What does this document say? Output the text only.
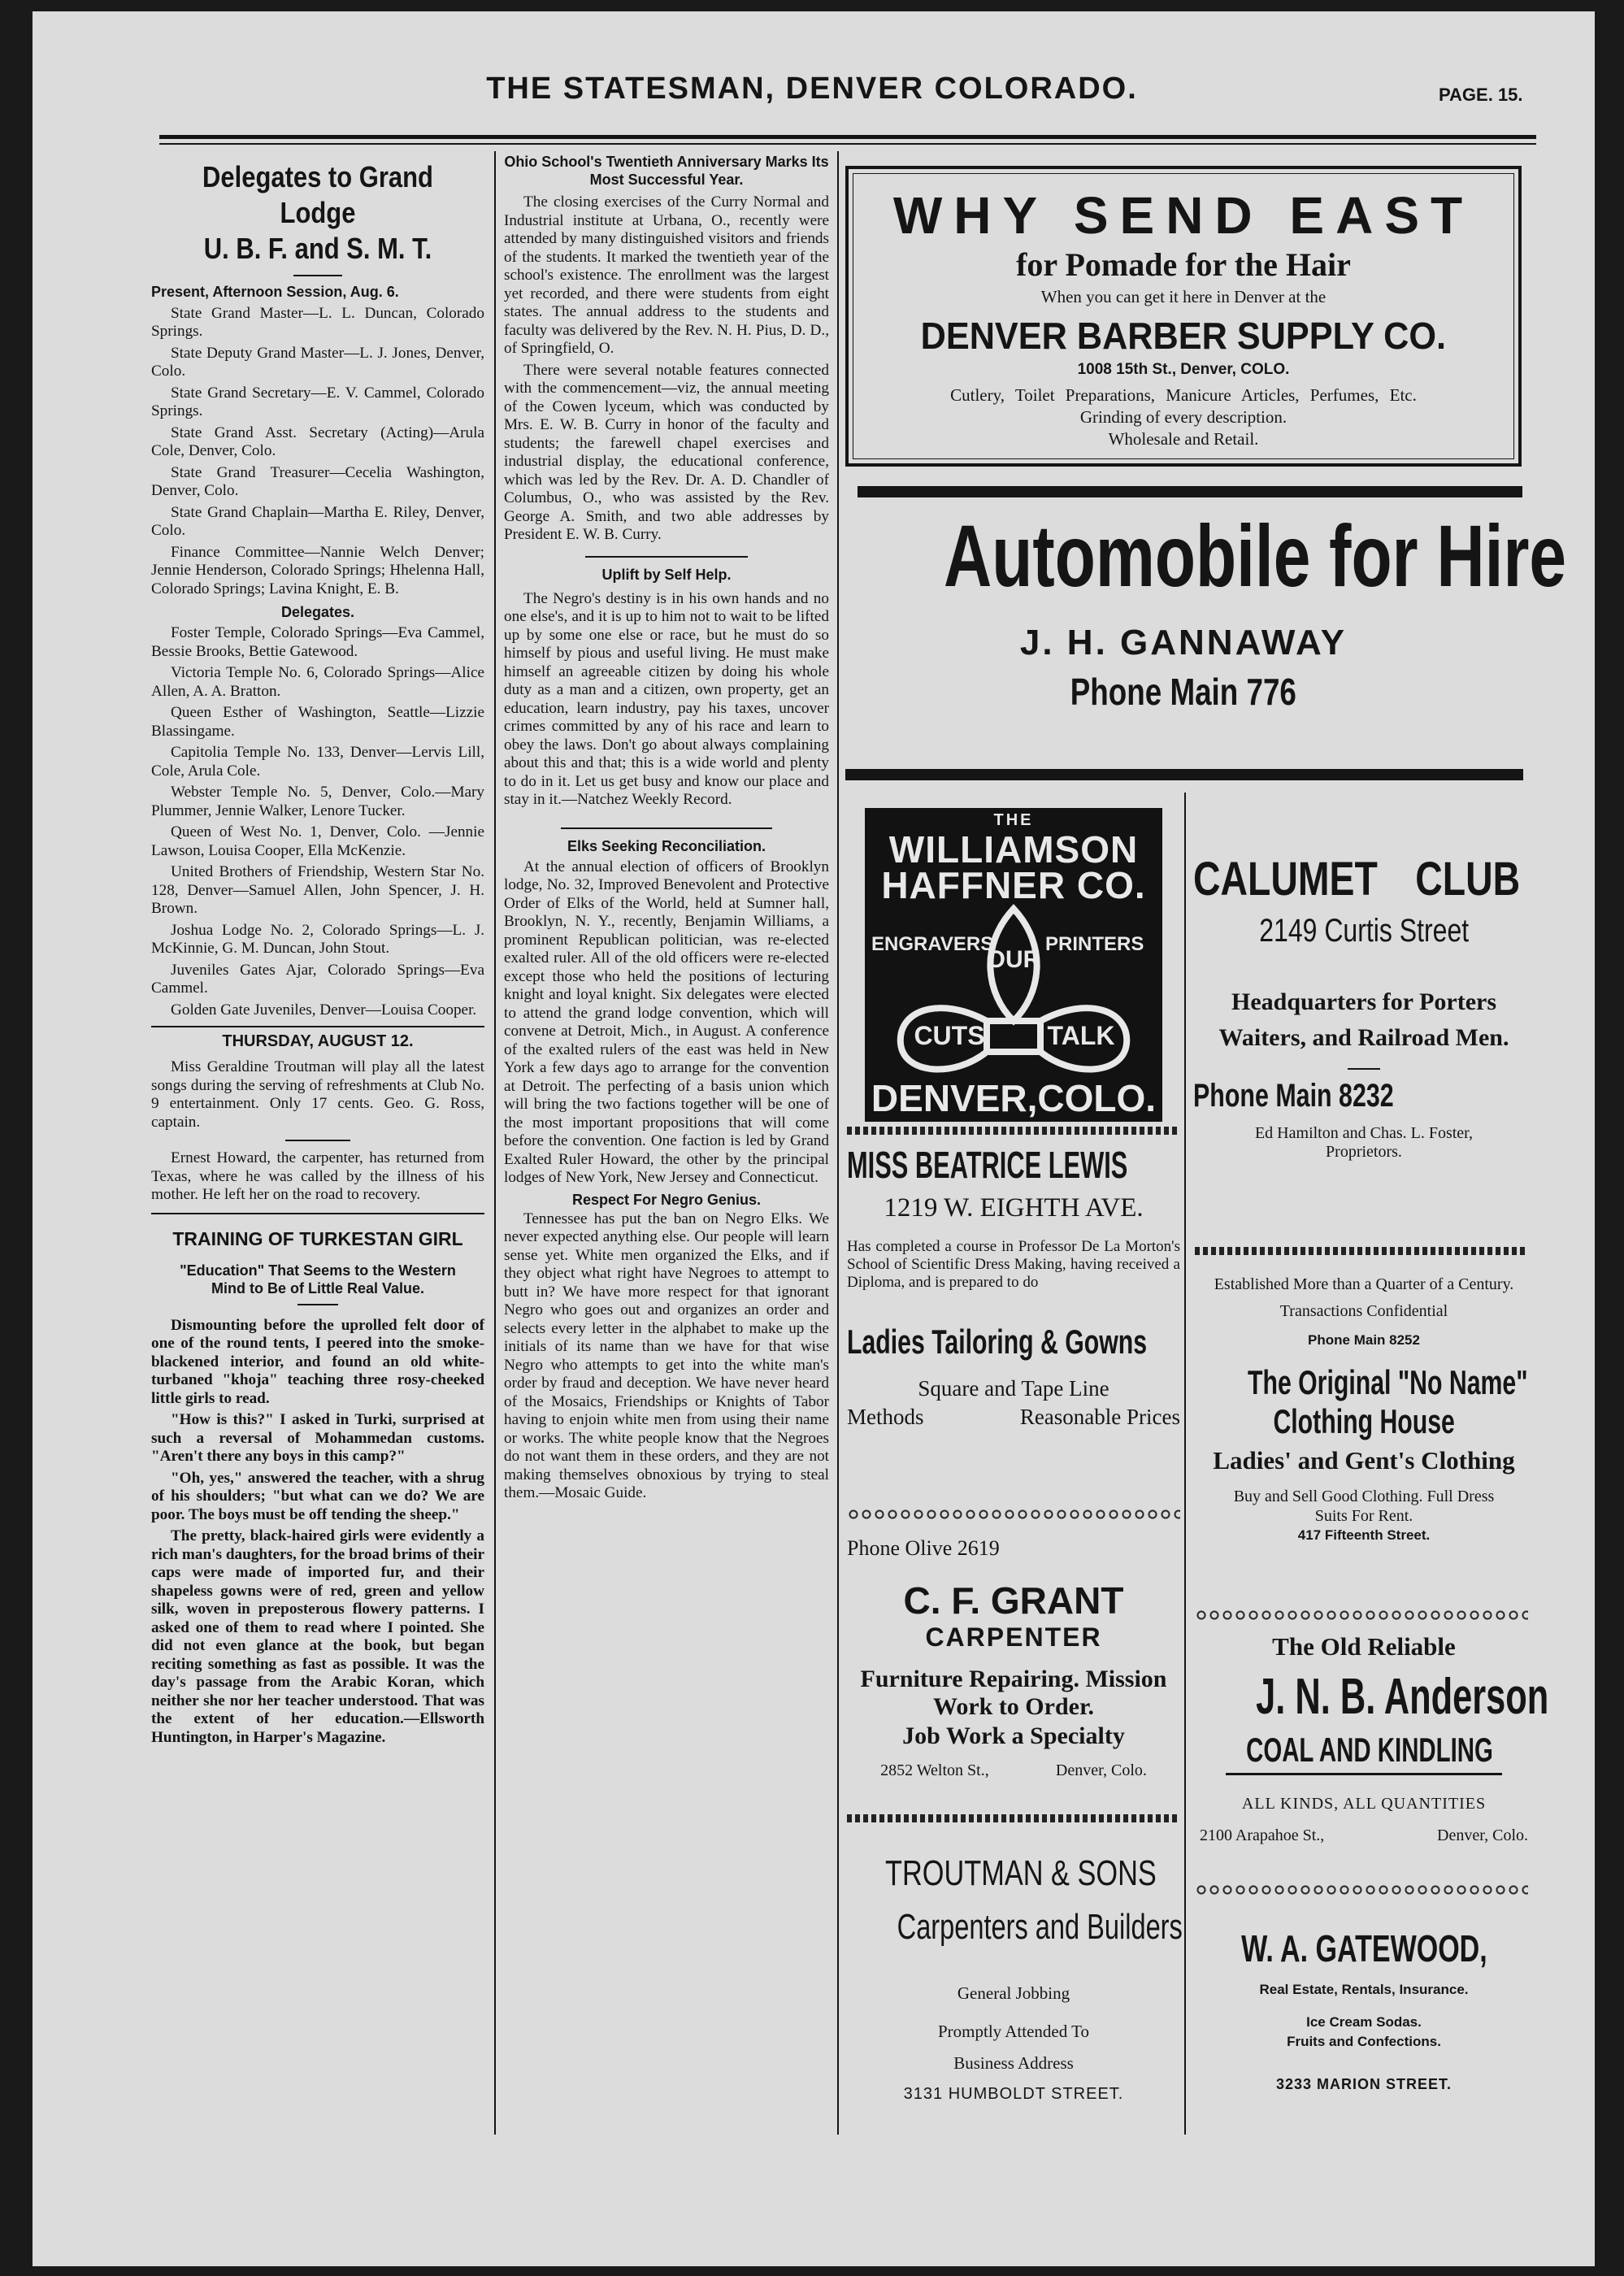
THE STATESMAN, DENVER COLORADO.	PAGE. 15.
Delegates to Grand Lodge
U. B. F. and S. M. T.

Present, Afternoon Session, Aug. 6.

State Grand Master—L. L. Duncan, Colorado Springs.

State Deputy Grand Master—L. J. Jones, Denver, Colo.

State Grand Secretary—E. V. Cammel, Colorado Springs.

State Grand Asst. Secretary (Acting)—Arula Cole, Denver, Colo.

State Grand Treasurer—Cecelia Washington, Denver, Colo.

State Grand Chaplain—Martha E. Riley, Denver, Colo.

Finance Committee—Nannie Welch Denver; Jennie Henderson, Colorado Springs; Hhelenna Hall, Colorado Springs; Lavina Knight, E. B.

Delegates.

Foster Temple, Colorado Springs—Eva Cammel, Bessie Brooks, Bettie Gatewood.

Victoria Temple No. 6, Colorado Springs—Alice Allen, A. A. Bratton.

Queen Esther of Washington, Seattle—Lizzie Blassingame.

Capitolia Temple No. 133, Denver—Lervis Lill, Cole, Arula Cole.

Webster Temple No. 5, Denver, Colo.—Mary Plummer, Jennie Walker, Lenore Tucker.

Queen of West No. 1, Denver, Colo. —Jennie Lawson, Louisa Cooper, Ella McKenzie.

United Brothers of Friendship, Western Star No. 128, Denver—Samuel Allen, John Spencer, J. H. Brown.

Joshua Lodge No. 2, Colorado Springs—L. J. McKinnie, G. M. Duncan, John Stout.

Juveniles Gates Ajar, Colorado Springs—Eva Cammel.

Golden Gate Juveniles, Denver—Louisa Cooper.

THURSDAY, AUGUST 12.

Miss Geraldine Troutman will play all the latest songs during the serving of refreshments at Club No. 9 entertainment. Only 17 cents. Geo. G. Ross, captain.

Ernest Howard, the carpenter, has returned from Texas, where he was called by the illness of his mother. He left her on the road to recovery.

TRAINING OF TURKESTAN GIRL
"Education" That Seems to the Western Mind to Be of Little Real Value.

Dismounting before the uprolled felt door of one of the round tents, I peered into the smoke-blackened interior, and found an old white-turbaned "khoja" teaching three rosy-cheeked little girls to read.

"How is this?" I asked in Turki, surprised at such a reversal of Mohammedan customs. "Aren't there any boys in this camp?"

"Oh, yes," answered the teacher, with a shrug of his shoulders; "but what can we do? We are poor. The boys must be off tending the sheep."

The pretty, black-haired girls were evidently a rich man's daughters, for the broad brims of their caps were made of imported fur, and their shapeless gowns were of red, green and yellow silk, woven in preposterous flowery patterns. I asked one of them to read where I pointed. She did not even glance at the book, but began reciting something as fast as possible. It was the day's passage from the Arabic Koran, which neither she nor her teacher understood. That was the extent of her education.—Ellsworth Huntington, in Harper's Magazine.

Ohio School's Twentieth Anniversary Marks Its Most Successful Year.

The closing exercises of the Curry Normal and Industrial institute at Urbana, O., recently were attended by many distinguished visitors and friends of the students. It marked the twentieth year of the school's existence. The enrollment was the largest yet recorded, and there were students from eight states. The annual address to the students and faculty was delivered by the Rev. N. H. Pius, D. D., of Springfield, O.

There were several notable features connected with the commencement—viz, the annual meeting of the Cowen lyceum, which was conducted by Mrs. E. W. B. Curry in honor of the faculty and students; the farewell chapel exercises and industrial display, the educational conference, which was led by the Rev. Dr. A. D. Chandler of Columbus, O., who was assisted by the Rev. George A. Smith, and two able addresses by President E. W. B. Curry.

Uplift by Self Help.

The Negro's destiny is in his own hands and no one else's, and it is up to him not to wait to be lifted up by some one else or race, but he must do so himself by pious and useful living. He must make himself an agreeable citizen by doing his whole duty as a man and a citizen, own property, get an education, learn industry, pay his taxes, uncover crimes committed by any of his race and learn to obey the laws. Don't go about always complaining about this and that; this is a wide world and plenty to do in it. Let us get busy and know our place and stay in it.—Natchez Weekly Record.

Elks Seeking Reconciliation.

At the annual election of officers of Brooklyn lodge, No. 32, Improved Benevolent and Protective Order of Elks of the World, held at Sumner hall, Brooklyn, N. Y., recently, Benjamin Williams, a prominent Republican politician, was re-elected exalted ruler. All of the old officers were re-elected except those who held the positions of lecturing knight and loyal knight. Six delegates were elected to attend the grand lodge convention, which will convene at Detroit, Mich., in August. A conference of the exalted rulers of the east was held in New York a few days ago to arrange for the convention at Detroit. The perfecting of a basis union which will bring the two factions together will be one of the most important propositions that will come before the convention. One faction is led by Grand Exalted Ruler Howard, the other by the principal lodges of New York, New Jersey and Connecticut.

Respect For Negro Genius.

Tennessee has put the ban on Negro Elks. We never expected anything else. Our people will learn sense yet. White men organized the Elks, and if they object what right have Negroes to attempt to butt in? We have more respect for that ignorant Negro who goes out and organizes an order and selects every letter in the alphabet to make up the initials of its name than we have for that wise Negro who attempts to get into the white man's order by fraud and deception. We have never heard of the Mosaics, Friendships or Knights of Tabor having to enjoin white men from using their name or works. The white people know that the Negroes do not want them in these orders, and they are not making themselves obnoxious by trying to steal them.—Mosaic Guide.

WHY SEND EAST
for Pomade for the Hair
When you can get it here in Denver at the
DENVER BARBER SUPPLY CO.
1008 15th St., Denver, COLO.
Cutlery, Toilet Preparations, Manicure Articles, Perfumes, Etc.
Grinding of every description.
Wholesale and Retail.
Automobile for Hire
J. H. GANNAWAY
Phone Main 776
THE
WILLIAMSON
HAFFNER CO.
ENGRAVERS	PRINTERS
OUR
CUTS TALK
DENVER,COLO.
MISS BEATRICE LEWIS
1219 W. EIGHTH AVE.
Has completed a course in Professor De La Morton's School of Scientific Dress Making, having received a Diploma, and is prepared to do
Ladies Tailoring & Gowns
Square and Tape Line
Methods	Reasonable Prices
Phone Olive 2619
C. F. GRANT
CARPENTER
Furniture Repairing. Mission Work to Order.
Job Work a Specialty
2852 Welton St.,	Denver, Colo.
TROUTMAN & SONS
Carpenters and Builders
General Jobbing
Promptly Attended To
Business Address
3131 HUMBOLDT STREET.
CALUMET CLUB
2149 Curtis Street
Headquarters for Porters
Waiters, and Railroad Men.
Phone Main 8232
Ed Hamilton and Chas. L. Foster,
Proprietors.
Established More than a Quarter of a Century.
Transactions Confidential
Phone Main 8252
The Original "No Name"
Clothing House
Ladies' and Gent's Clothing
Buy and Sell Good Clothing. Full Dress Suits For Rent.
417 Fifteenth Street.
The Old Reliable
J. N. B. Anderson
COAL AND KINDLING
ALL KINDS, ALL QUANTITIES
2100 Arapahoe St.,	Denver, Colo.
W. A. GATEWOOD,
Real Estate, Rentals, Insurance.
Ice Cream Sodas.
Fruits and Confections.
3233 MARION STREET.
